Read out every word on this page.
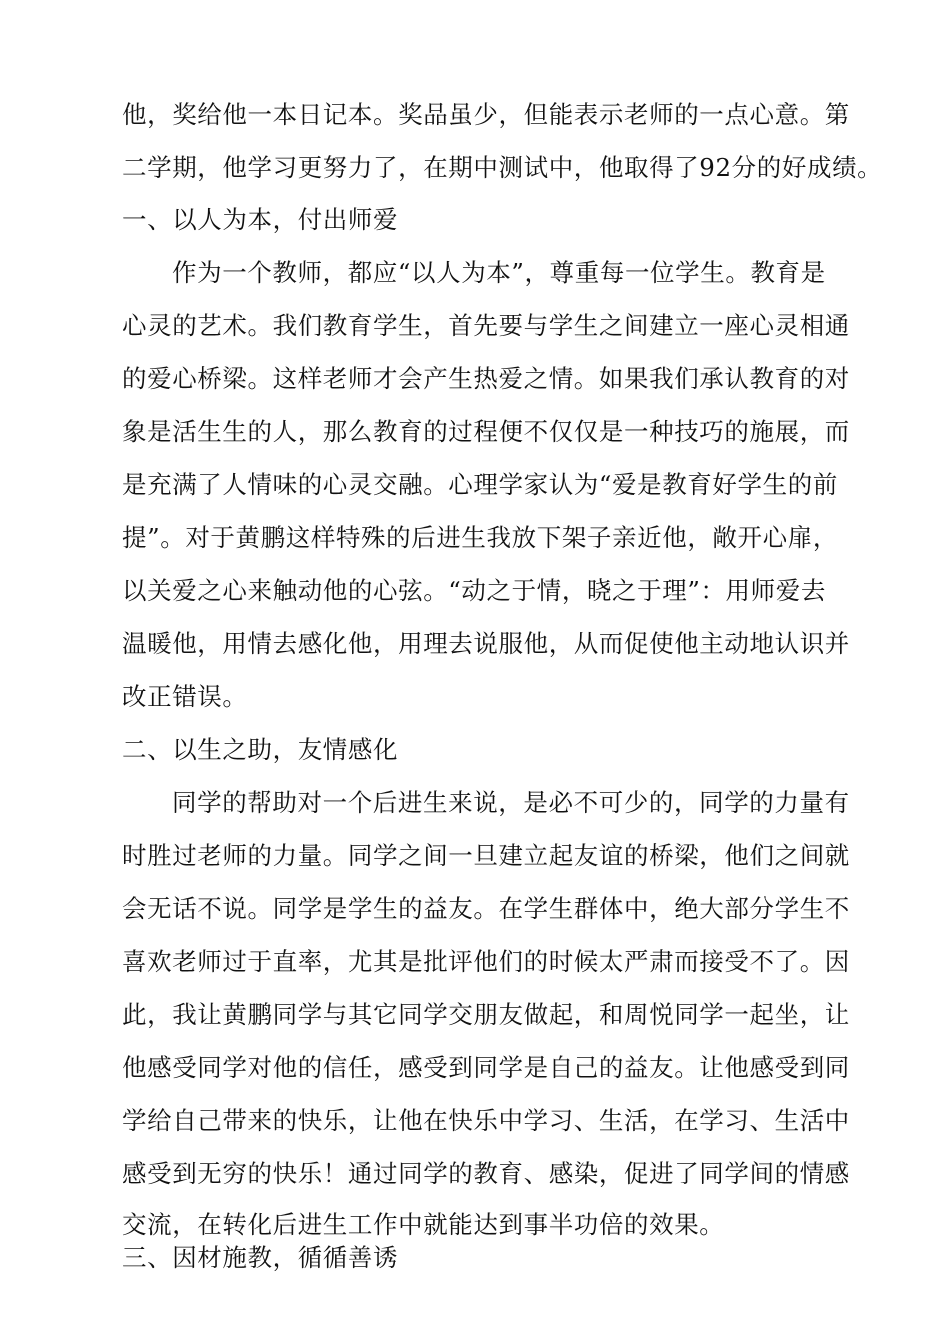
他，奖给他一本日记本。奖品虽少，但能表示老师的一点心意。第
二学期，他学习更努力了，在期中测试中，他取得了92分的好成绩。
一、以人为本，付出师爱
作为一个教师，都应“以人为本”，尊重每一位学生。教育是
心灵的艺术。我们教育学生，首先要与学生之间建立一座心灵相通
的爱心桥梁。这样老师才会产生热爱之情。如果我们承认教育的对
象是活生生的人，那么教育的过程便不仅仅是一种技巧的施展，而
是充满了人情味的心灵交融。心理学家认为“爱是教育好学生的前
提”。对于黄鹏这样特殊的后进生我放下架子亲近他，敞开心扉，
以关爱之心来触动他的心弦。“动之于情，晓之于理”：用师爱去
温暖他，用情去感化他，用理去说服他，从而促使他主动地认识并
改正错误。
二、以生之助，友情感化
同学的帮助对一个后进生来说，是必不可少的，同学的力量有
时胜过老师的力量。同学之间一旦建立起友谊的桥梁，他们之间就
会无话不说。同学是学生的益友。在学生群体中，绝大部分学生不
喜欢老师过于直率，尤其是批评他们的时候太严肃而接受不了。因
此，我让黄鹏同学与其它同学交朋友做起，和周悦同学一起坐，让
他感受同学对他的信任，感受到同学是自己的益友。让他感受到同
学给自己带来的快乐，让他在快乐中学习、生活，在学习、生活中
感受到无穷的快乐！通过同学的教育、感染，促进了同学间的情感
交流，在转化后进生工作中就能达到事半功倍的效果。
三、因材施教，循循善诱
